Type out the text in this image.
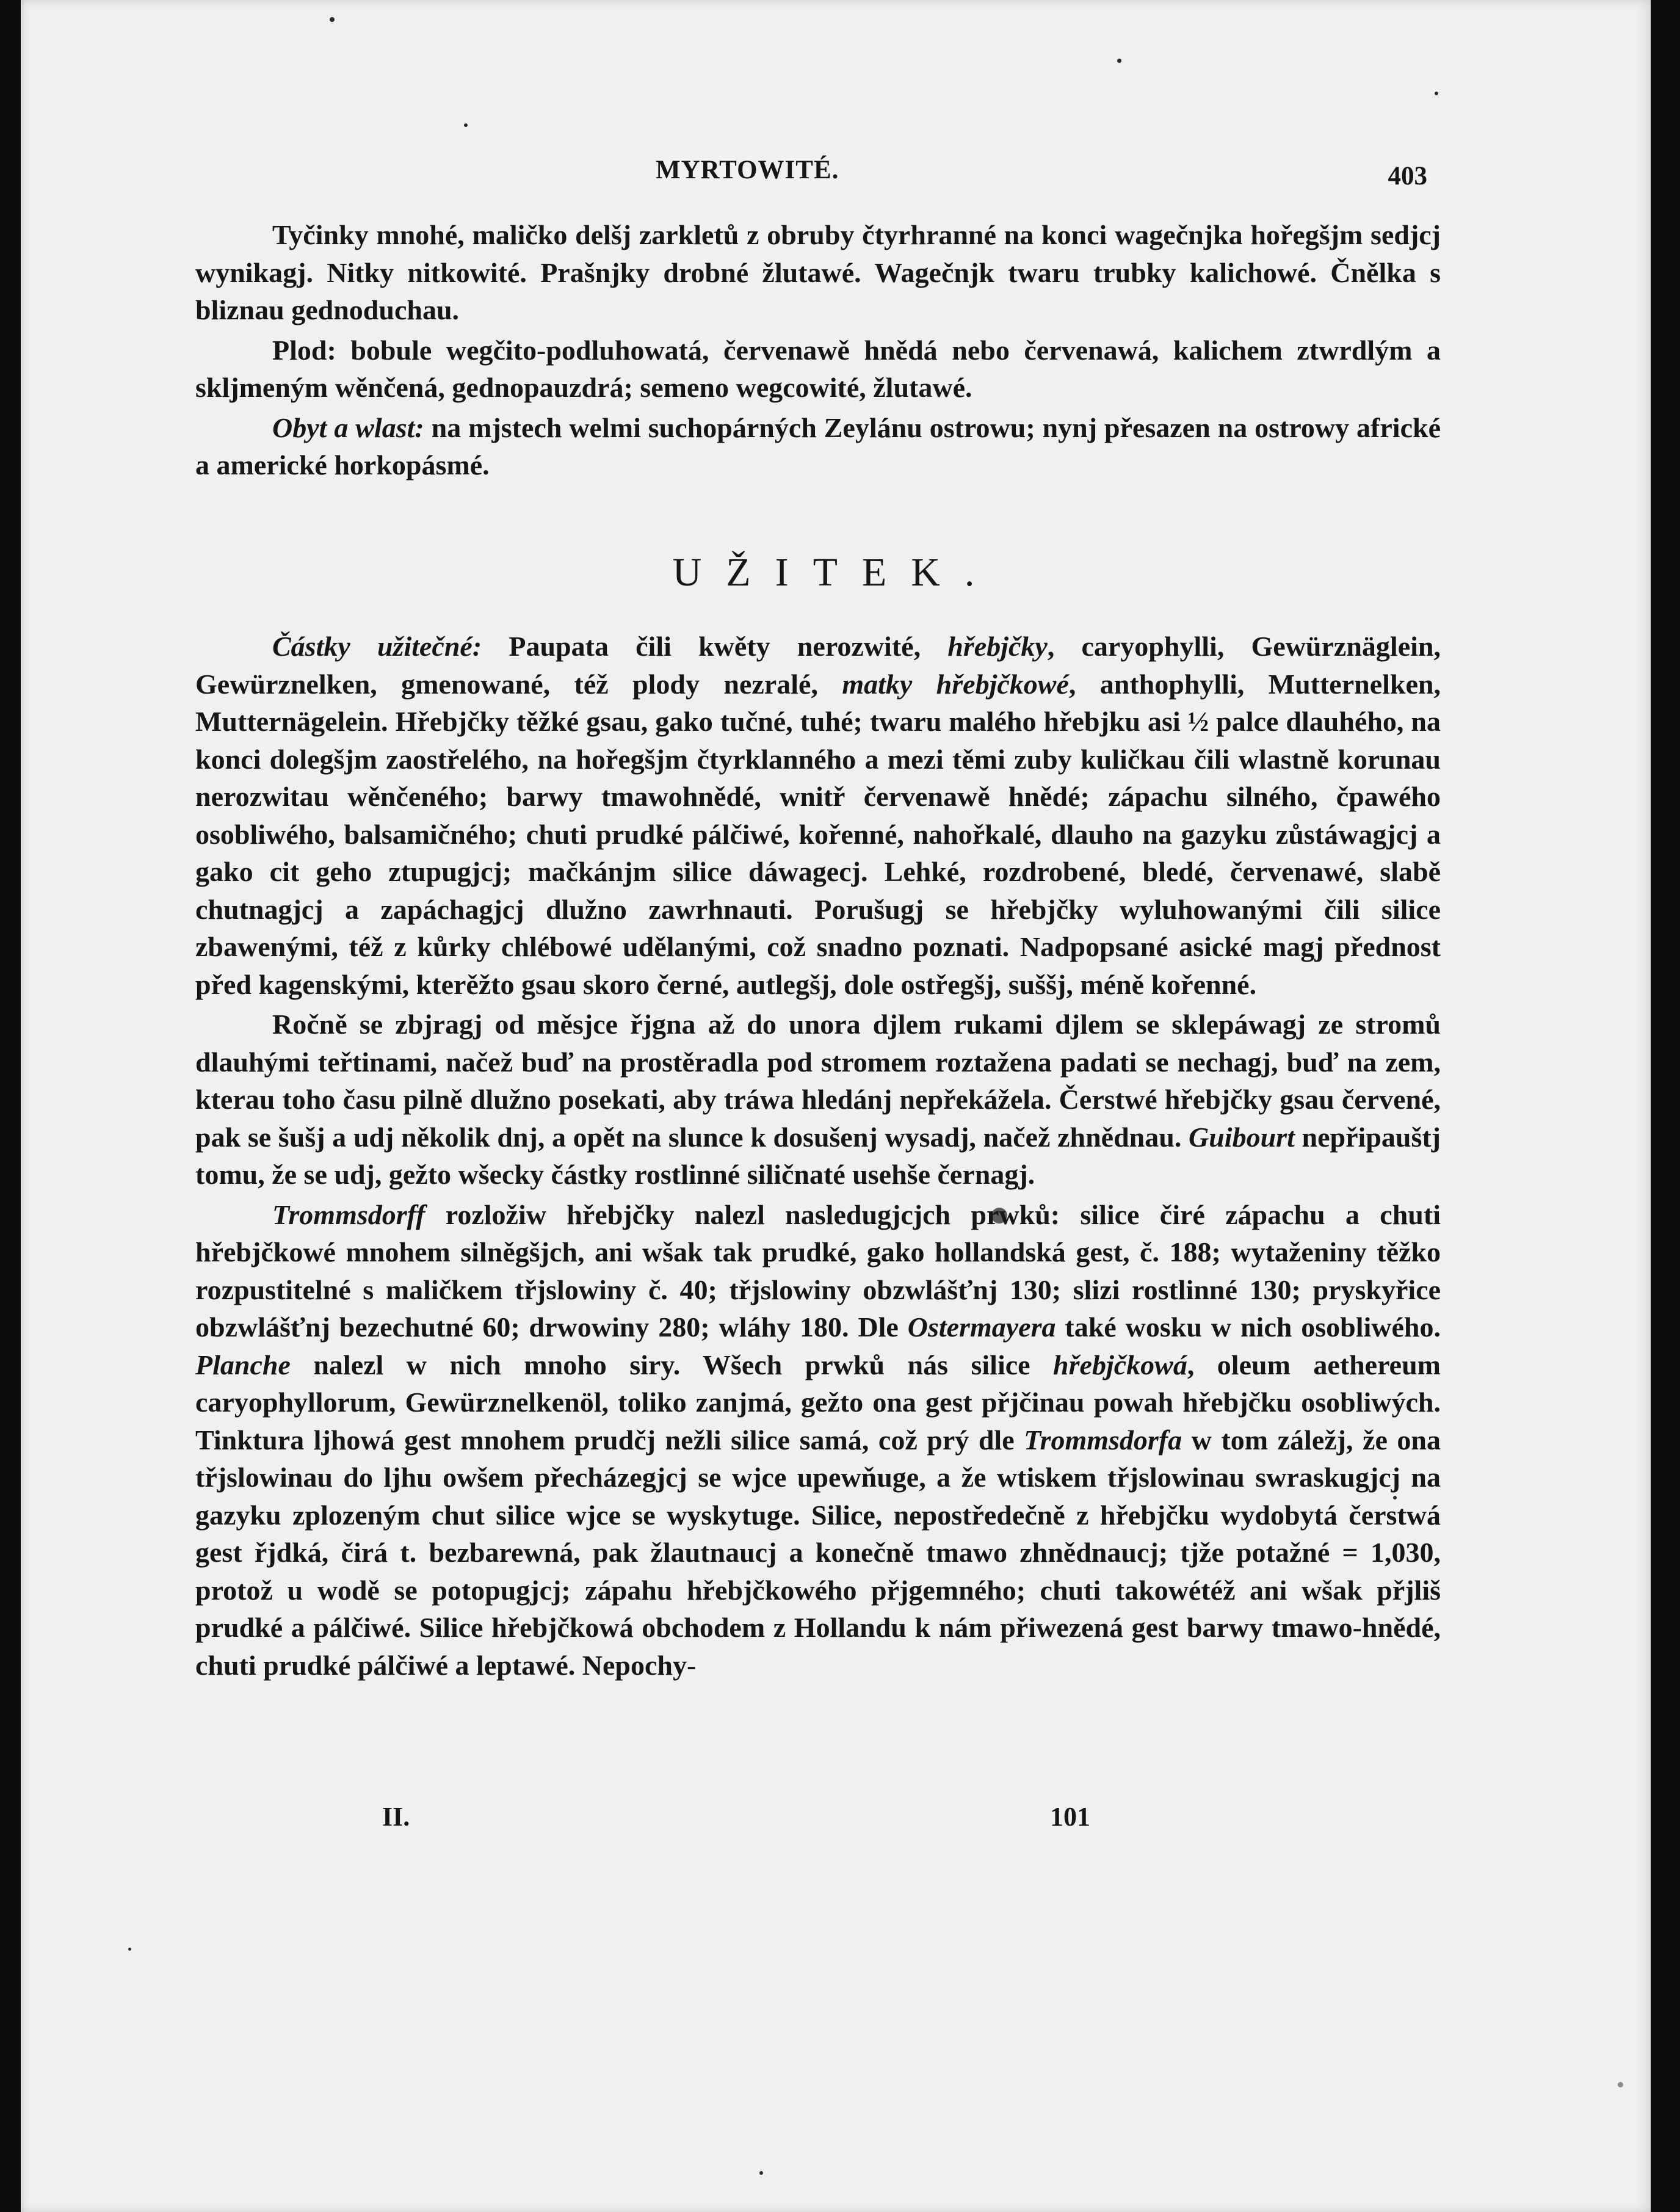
MYRTOWITÉ.	403

Tyčinky mnohé, maličko delšj zarkletů z obruby čtyrhranné na konci wagečnjka hořegšjm sedjcj wynikagj. Nitky nitkowité. Prašnjky drobné žlutawé. Wagečnjk twaru trubky kalichowé. Čnělka s bliznau gednoduchau.

Plod: bobule wegčito-podluhowatá, červenawě hnědá nebo červenawá, kalichem ztwrdlým a skljmeným wěnčená, gednopauzdrá; semeno wegcowité, žlutawé.

Obyt a wlast: na mjstech welmi suchopárných Zeylánu ostrowu; nynj přesazen na ostrowy africké a americké horkopásmé.

UŽITEK.

Částky užitečné: Paupata čili kwěty nerozwité, hřebjčky, caryophylli, Gewürznäglein, Gewürznelken, gmenowané, též plody nezralé, matky hřebjčkowé, anthophylli, Mutternelken, Mutternägelein. Hřebjčky těžké gsau, gako tučné, tuhé; twaru malého hřebjku asi ½ palce dlauhého, na konci dolegšjm zaostřelého, na hořegšjm čtyrklanného a mezi těmi zuby kuličkau čili wlastně korunau nerozwitau wěnčeného; barwy tmawohnědé, wnitř červenawě hnědé; zápachu silného, čpawého osobliwého, balsamičného; chuti prudké pálčiwé, kořenné, nahořkalé, dlauho na gazyku zůstáwagjcj a gako cit geho ztupugjcj; mačkánjm silice dáwagecj. Lehké, rozdrobené, bledé, červenawé, slabě chutnagjcj a zapáchagjcj dlužno zawrhnauti. Porušugj se hřebjčky wyluhowanými čili silice zbawenými, též z kůrky chlébowé udělanými, což snadno poznati. Nadpopsané asické magj přednost před kagenskými, kterěžto gsau skoro černé, autlegšj, dole ostřegšj, suššj, méně kořenné.

Ročně se zbjragj od měsjce řjgna až do unora djlem rukami djlem se sklepáwagj ze stromů dlauhými teřtinami, načež buď na prostěradla pod stromem roztažena padati se nechagj, buď na zem, kterau toho času pilně dlužno posekati, aby tráwa hledánj nepřekážela. Čerstwé hřebjčky gsau červené, pak se šušj a udj několik dnj, a opět na slunce k dosušenj wysadj, načež zhnědnau. Guibourt nepřipauštj tomu, že se udj, gežto wšecky částky rostlinné siličnaté usehše černagj.

Trommsdorff rozložiw hřebjčky nalezl nasledugjcjch prwků: silice čiré zápachu a chuti hřebjčkowé mnohem silněgšjch, ani wšak tak prudké, gako hollandská gest, č. 188; wytaženiny těžko rozpustitelné s maličkem třjslowiny č. 40; třjslowiny obzwlášťnj 130; slizi rostlinné 130; pryskyřice obzwlášťnj bezechutné 60; drwowiny 280; wláhy 180. Dle Ostermayera také wosku w nich osobliwého. Planche nalezl w nich mnoho siry. Wšech prwků nás silice hřebjčkowá, oleum aethereum caryophyllorum, Gewürznelkenöl, toliko zanjmá, gežto ona gest přjčinau powah hřebjčku osobliwých. Tinktura ljhowá gest mnohem prudčj nežli silice samá, což prý dle Trommsdorfa w tom záležj, že ona třjslowinau do ljhu owšem přecházegjcj se wjce upewňuge, a že wtiskem třjslowinau swraskugjcj na gazyku zplozeným chut silice wjce se wyskytuge. Silice, nepostředečně z hřebjčku wydobytá čerstwá gest řjdká, čirá t. bezbarewná, pak žlautnaucj a konečně tmawo zhnědnaucj; tjže potažné = 1,030, protož u wodě se potopugjcj; zápahu hřebjčkowého přjgemného; chuti takowétéž ani wšak přjliš prudké a pálčiwé. Silice hřebjčkowá obchodem z Hollandu k nám přiwezená gest barwy tmawo-hnědé, chuti prudké pálčiwé a leptawé. Nepochy-

II.	101
